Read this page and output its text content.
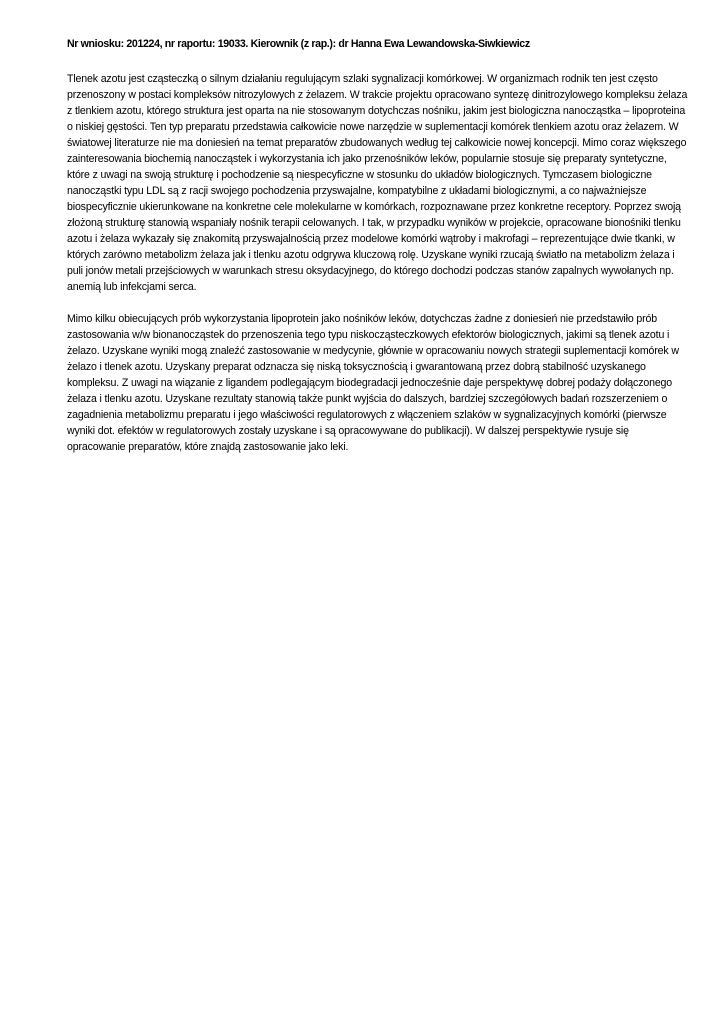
Nr wniosku: 201224, nr raportu: 19033. Kierownik (z rap.): dr Hanna Ewa Lewandowska-Siwkiewicz

Tlenek azotu jest cząsteczką o silnym działaniu regulującym szlaki sygnalizacji komórkowej. W organizmach rodnik ten jest często przenoszony w postaci kompleksów nitrozylowych z żelazem. W trakcie projektu opracowano syntezę dinitrozylowego kompleksu żelaza z tlenkiem azotu, którego struktura jest oparta na nie stosowanym dotychczas nośniku, jakim jest biologiczna nanocząstka – lipoproteina o niskiej gęstości. Ten typ preparatu przedstawia całkowicie nowe narzędzie w suplementacji komórek tlenkiem azotu oraz żelazem. W światowej literaturze nie ma doniesień na temat preparatów zbudowanych według tej całkowicie nowej koncepcji. Mimo coraz większego zainteresowania biochemią nanocząstek i wykorzystania ich jako przenośników leków, popularnie stosuje się preparaty syntetyczne, które z uwagi na swoją strukturę i pochodzenie są niespecyficzne w stosunku do układów biologicznych. Tymczasem biologiczne nanocząstki typu LDL są z racji swojego pochodzenia przyswajalne, kompatybilne z układami biologicznymi, a co najważniejsze biospecyficznie ukierunkowane na konkretne cele molekularne w komórkach, rozpoznawane przez konkretne receptory. Poprzez swoją złożoną strukturę stanowią wspaniały nośnik terapii celowanych. I tak, w przypadku wyników w projekcie, opracowane bionośniki tlenku azotu i żelaza wykazały się znakomitą przyswajalnością przez modelowe komórki wątroby i makrofagi – reprezentujące dwie tkanki, w których zarówno metabolizm żelaza jak i tlenku azotu odgrywa kluczową rolę. Uzyskane wyniki rzucają światło na metabolizm żelaza i puli jonów metali przejściowych w warunkach stresu oksydacyjnego, do którego dochodzi podczas stanów zapalnych wywołanych np. anemią lub infekcjami serca.

Mimo kilku obiecujących prób wykorzystania lipoprotein jako nośników leków, dotychczas żadne z doniesień nie przedstawiło prób zastosowania w/w bionanocząstek do przenoszenia tego typu niskocząsteczkowych efektorów biologicznych, jakimi są tlenek azotu i żelazo. Uzyskane wyniki mogą znaleźć zastosowanie w medycynie, głównie w opracowaniu nowych strategii suplementacji komórek w żelazo i tlenek azotu. Uzyskany preparat odznacza się niską toksycznością i gwarantowaną przez dobrą stabilność uzyskanego kompleksu. Z uwagi na wiązanie z ligandem podlegającym biodegradacji jednocześnie daje perspektywę dobrej podaży dołączonego żelaza i tlenku azotu. Uzyskane rezultaty stanowią także punkt wyjścia do dalszych, bardziej szczegółowych badań rozszerzeniem o zagadnienia metabolizmu preparatu i jego właściwości regulatorowych z włączeniem szlaków w sygnalizacyjnych komórki (pierwsze wyniki dot. efektów w regulatorowych zostały uzyskane i są opracowywane do publikacji). W dalszej perspektywie rysuje się opracowanie preparatów, które znajdą zastosowanie jako leki.
